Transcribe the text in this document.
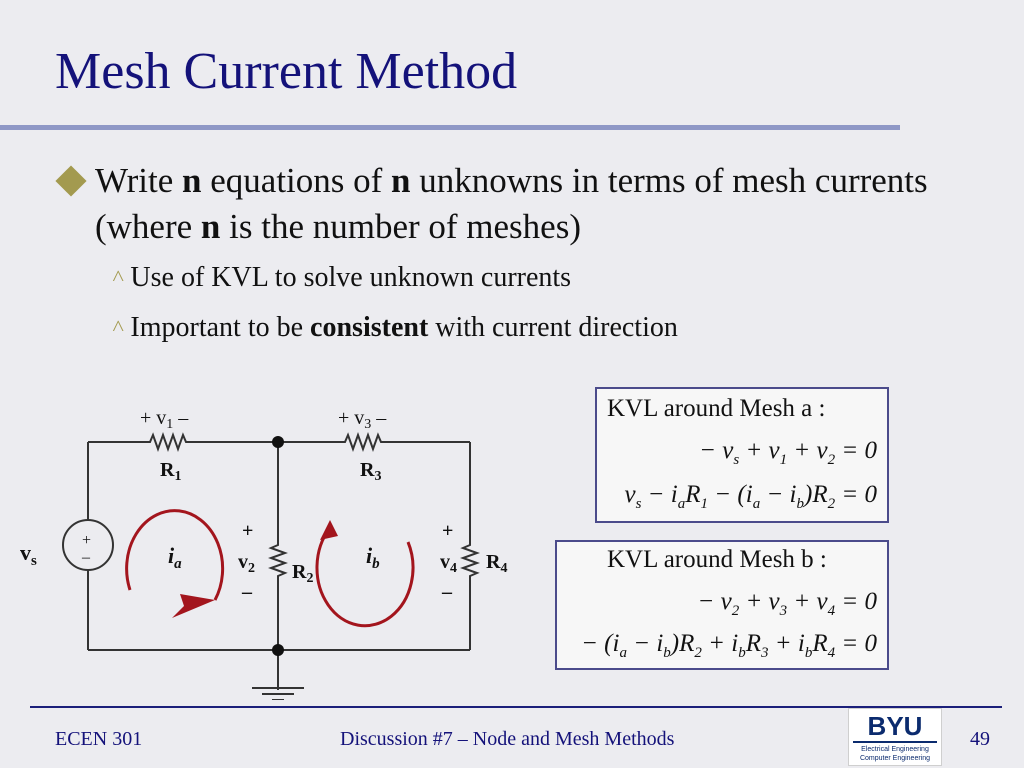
Mesh Current Method
Write n equations of n unknowns in terms of mesh currents (where n is the number of meshes)
˄ Use of KVL to solve unknown currents
˄ Important to be consistent with current direction
+ $v_1$ –	+ $v_3$ –
$R_1$	$R_3$
$v_s$
+
–	$i_a$	$i_b$
+
$v_2$
–
$R_2$
+
$v_4$
–
$R_4$
KVL around Mesh a :
− $v_s + v_1 + v_2 = 0$
$v_s - i_aR_1 - (i_a - i_b)R_2 = 0$
KVL around Mesh b :
− $v_2 + v_3 + v_4 = 0$
− $(i_a - i_b)R_2 + i_bR_3 + i_bR_4 = 0$
ECEN 301	Discussion #7 – Node and Mesh Methods	49
BYU
Electrical Engineering
Computer Engineering
